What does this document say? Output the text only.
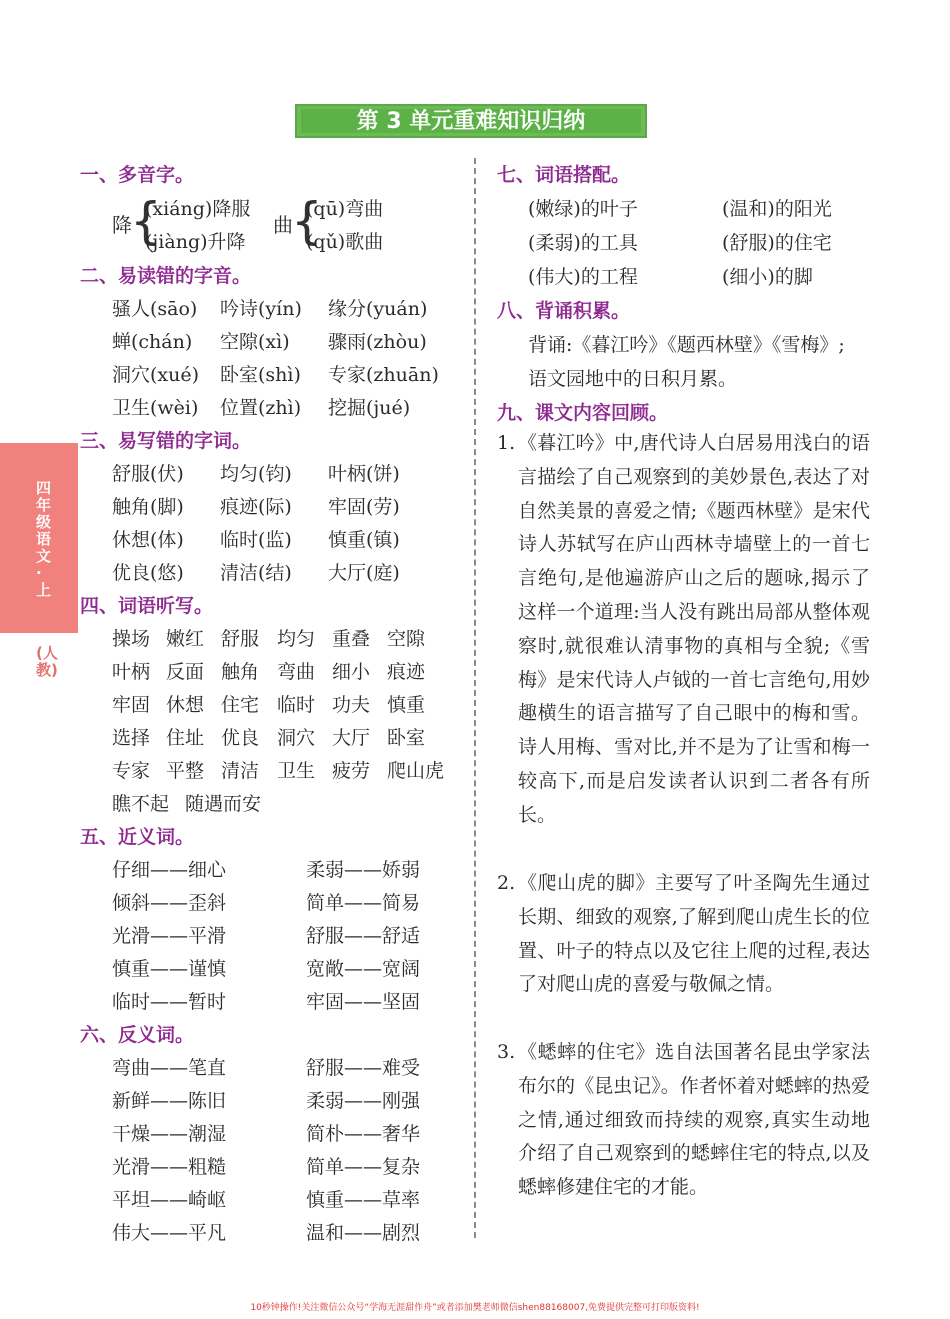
第 3 单元重难知识归纳
四年级语文·上
(人教)
一、多音字。
降
{
(xiáng)降服
(jiàng)升降
曲
{
(qū)弯曲
(qǔ)歌曲
二、易读错的字音。
骚人(sāo) 吟诗(yín) 缘分(yuán)
蝉(chán) 空隙(xì) 骤雨(zhòu)
洞穴(xué) 卧室(shì) 专家(zhuān)
卫生(wèi) 位置(zhì) 挖掘(jué)
三、易写错的字词。
舒服(伏) 均匀(钧) 叶柄(饼)
触角(脚) 痕迹(际) 牢固(劳)
休想(体) 临时(监) 慎重(镇)
优良(悠) 清洁(结) 大厅(庭)
四、词语听写。
操场 嫩红 舒服 均匀 重叠 空隙
叶柄 反面 触角 弯曲 细小 痕迹
牢固 休想 住宅 临时 功夫 慎重
选择 住址 优良 洞穴 大厅 卧室
专家 平整 清洁 卫生 疲劳 爬山虎
瞧不起 随遇而安
五、近义词。
仔细——细心	柔弱——娇弱
倾斜——歪斜	简单——简易
光滑——平滑	舒服——舒适
慎重——谨慎	宽敞——宽阔
临时——暂时	牢固——坚固
六、反义词。
弯曲——笔直	舒服——难受
新鲜——陈旧	柔弱——刚强
干燥——潮湿	简朴——奢华
光滑——粗糙	简单——复杂
平坦——崎岖	慎重——草率
伟大——平凡	温和——剧烈
七、词语搭配。
(嫩绿)的叶子	(温和)的阳光
(柔弱)的工具	(舒服)的住宅
(伟大)的工程	(细小)的脚
八、背诵积累。
背诵:《暮江吟》《题西林壁》《雪梅》;
语文园地中的日积月累。
九、课文内容回顾。
1. 《暮江吟》中,唐代诗人白居易用浅白的语言描绘了自己观察到的美妙景色,表达了对自然美景的喜爱之情;《题西林壁》是宋代诗人苏轼写在庐山西林寺墙壁上的一首七言绝句,是他遍游庐山之后的题咏,揭示了这样一个道理:当人没有跳出局部从整体观察时,就很难认清事物的真相与全貌;《雪梅》是宋代诗人卢钺的一首七言绝句,用妙趣横生的语言描写了自己眼中的梅和雪。诗人用梅、雪对比,并不是为了让雪和梅一较高下,而是启发读者认识到二者各有所长。
2. 《爬山虎的脚》主要写了叶圣陶先生通过长期、细致的观察,了解到爬山虎生长的位置、叶子的特点以及它往上爬的过程,表达了对爬山虎的喜爱与敬佩之情。
3. 《蟋蟀的住宅》选自法国著名昆虫学家法布尔的《昆虫记》。作者怀着对蟋蟀的热爱之情,通过细致而持续的观察,真实生动地介绍了自己观察到的蟋蟀住宅的特点,以及蟋蟀修建住宅的才能。
10秒钟操作!关注微信公众号“学海无涯甜作舟”或者添加樊老师微信shen88168007,免费提供完整可打印版资料!
